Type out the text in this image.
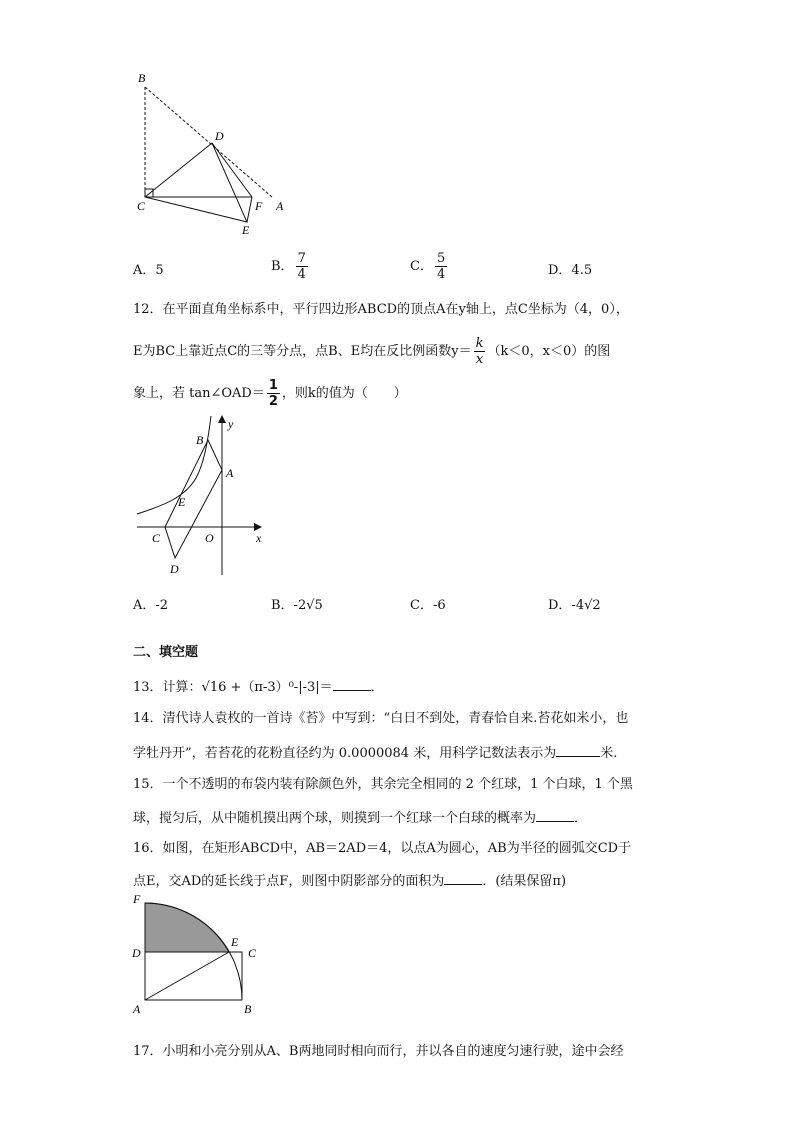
B
D
C	F A
E
A．5	B． $\frac{7}{4}$	C． $\frac{5}{4}$	D．4.5
12．在平面直角坐标系中，平行四边形ABCD的顶点A在y轴上，点C坐标为（4，0），
E为BC上靠近点C的三等分点，点B、E均在反比例函数$y= \frac{k}{x} (k<0$，x＜0）的图
象上，若 tan∠OAD＝ $\frac{1}{2}$ ，则k的值为（　　）
y
B
A
E
C	O	x
D
A．-2	B．-2√5	C．-6	D．-4√2
二、填空题
13．计算：√16 +（π-3）⁰-|-3|＝	．
14．清代诗人袁枚的一首诗《苔》中写到：“白日不到处，青春恰自来.苔花如米小，也
学牡丹开”，若苔花的花粉直径约为 0.0000084 米，用科学记数法表示为	米.
15．一个不透明的布袋内装有除颜色外，其余完全相同的 2 个红球，1 个白球，1 个黑
球，搅匀后，从中随机摸出两个球，则摸到一个红球一个白球的概率为	．
16．如图，在矩形ABCD中，AB＝2AD＝4，以点A为圆心，AB为半径的圆弧交CD于
点E，交AD的延长线于点F，则图中阴影部分的面积为	．(结果保留π)
F
D
E
C
A	B
17．小明和小亮分别从A、B两地同时相向而行，并以各自的速度匀速行驶，途中会经
